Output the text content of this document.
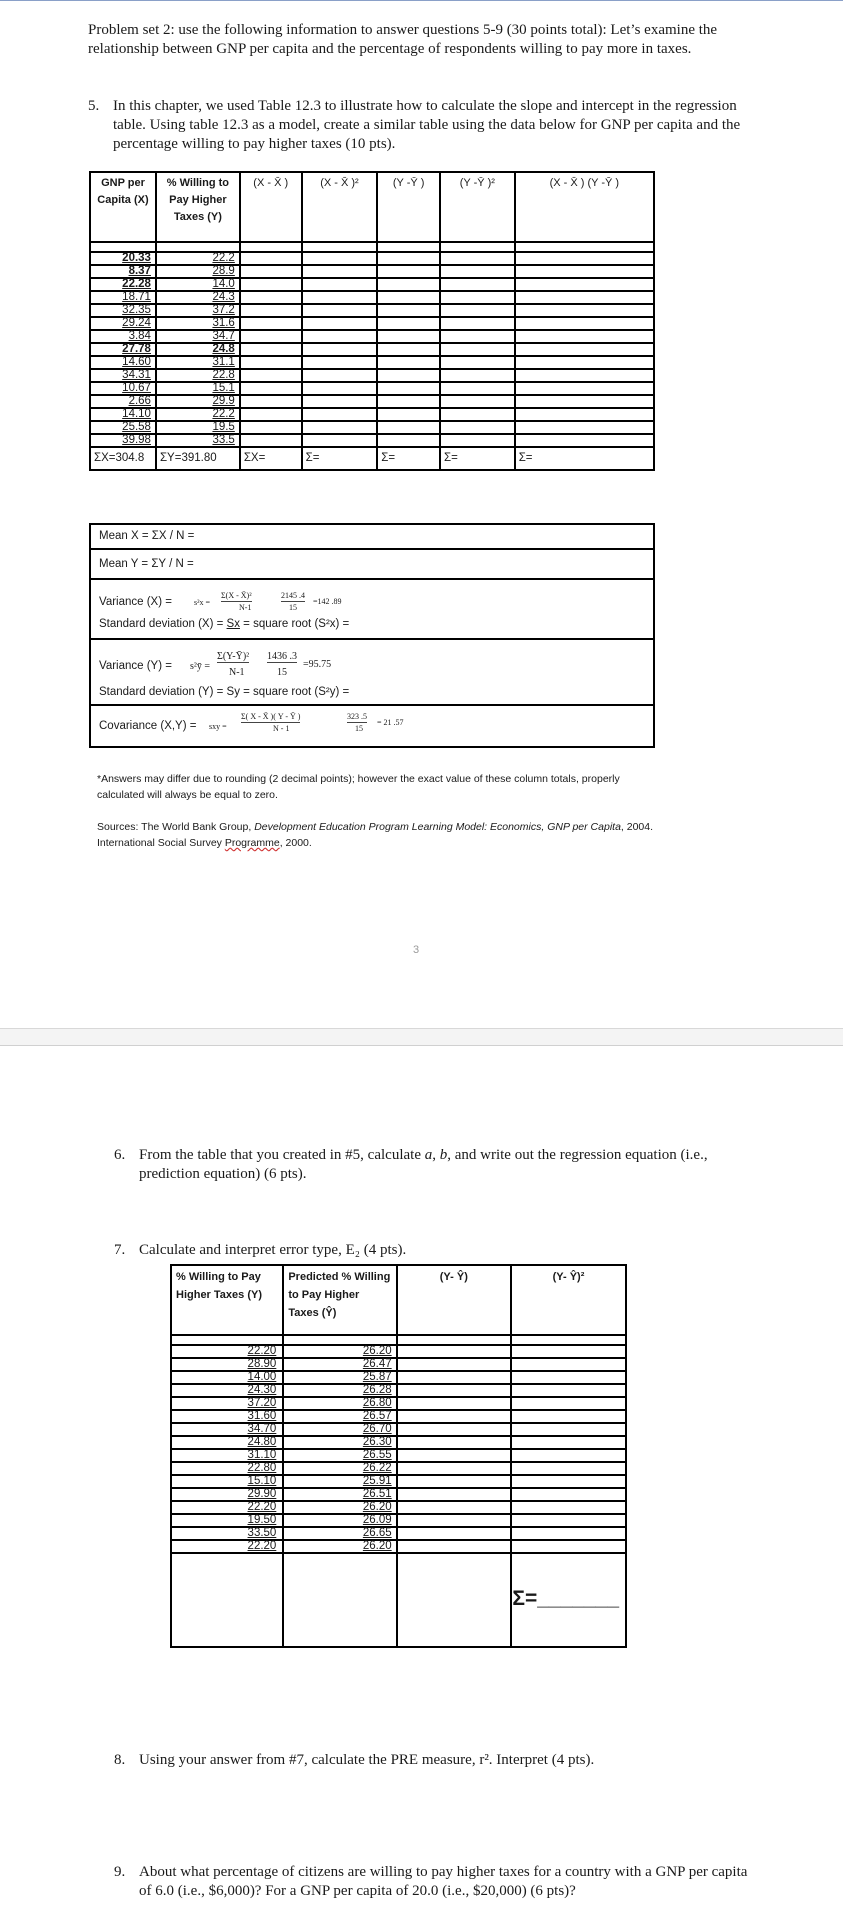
Problem set 2: use the following information to answer questions 5-9 (30 points total): Let’s examine the relationship between GNP per capita and the percentage of respondents willing to pay more in taxes.

5. In this chapter, we used Table 12.3 to illustrate how to calculate the slope and intercept in the regression table. Using table 12.3 as a model, create a similar table using the data below for GNP per capita and the percentage willing to pay higher taxes (10 pts).
GNP per Capita (X)	% Willing to Pay Higher Taxes (Y)	(X - X̄ )	(X - X̄ )²	(Y -Ȳ )	(Y -Ȳ )²	(X - X̄ ) (Y -Ȳ )

20.33	22.2					
8.37	28.9					
22.28	14.0					
18.71	24.3					
32.35	37.2					
29.24	31.6					
3.84	34.7					
27.78	24.8					
14.60	31.1					
34.31	22.8					
10.67	15.1					
2.66	29.9					
14.10	22.2					
25.58	19.5					
39.98	33.5					
ΣX=304.8	ΣY=391.80	ΣX=	Σ=	Σ=	Σ=	Σ=
Mean X = ΣX / N =
Mean Y = ΣY / N =
Variance (X) =	s²x =
Σ(X - X̄)²
N-1
2145 .4
15
=142 .89
Standard deviation (X) = Sx = square root (S²x) =
Variance (Y) = s²ȳ =
Σ(Y-Ȳ)²
N-1
1436 .3
15
=95.75
Standard deviation (Y) = Sy = square root (S²y) =
Covariance (X,Y) = sxy =
Σ( X - X̄ )( Y - Ȳ )
N - 1
323 .5
15
= 21 .57

*Answers may differ due to rounding (2 decimal points); however the exact value of these column totals, properly calculated will always be equal to zero.

Sources: The World Bank Group, Development Education Program Learning Model: Economics, GNP per Capita, 2004. International Social Survey Programme, 2000.

3
6. From the table that you created in #5, calculate a, b, and write out the regression equation (i.e., prediction equation) (6 pts).
7. Calculate and interpret error type, E₂ (4 pts).
8. Using your answer from #7, calculate the PRE measure, r². Interpret (4 pts).
9. About what percentage of citizens are willing to pay higher taxes for a country with a GNP per capita of 6.0 (i.e., $6,000)? For a GNP per capita of 20.0 (i.e., $20,000) (6 pts)?
% Willing to Pay Higher Taxes (Y)	Predicted % Willing to Pay Higher Taxes (Ŷ)	(Y- Ŷ)	(Y- Ŷ)²

22.20	26.20		
28.90	26.47		
14.00	25.87		
24.30	26.28		
37.20	26.80		
31.60	26.57		
34.70	26.70		
24.80	26.30		
31.10	26.55		
22.80	26.22		
15.10	25.91		
29.90	26.51		
22.20	26.20		
19.50	26.09		
33.50	26.65		
22.20	26.20		
			Σ=_______
